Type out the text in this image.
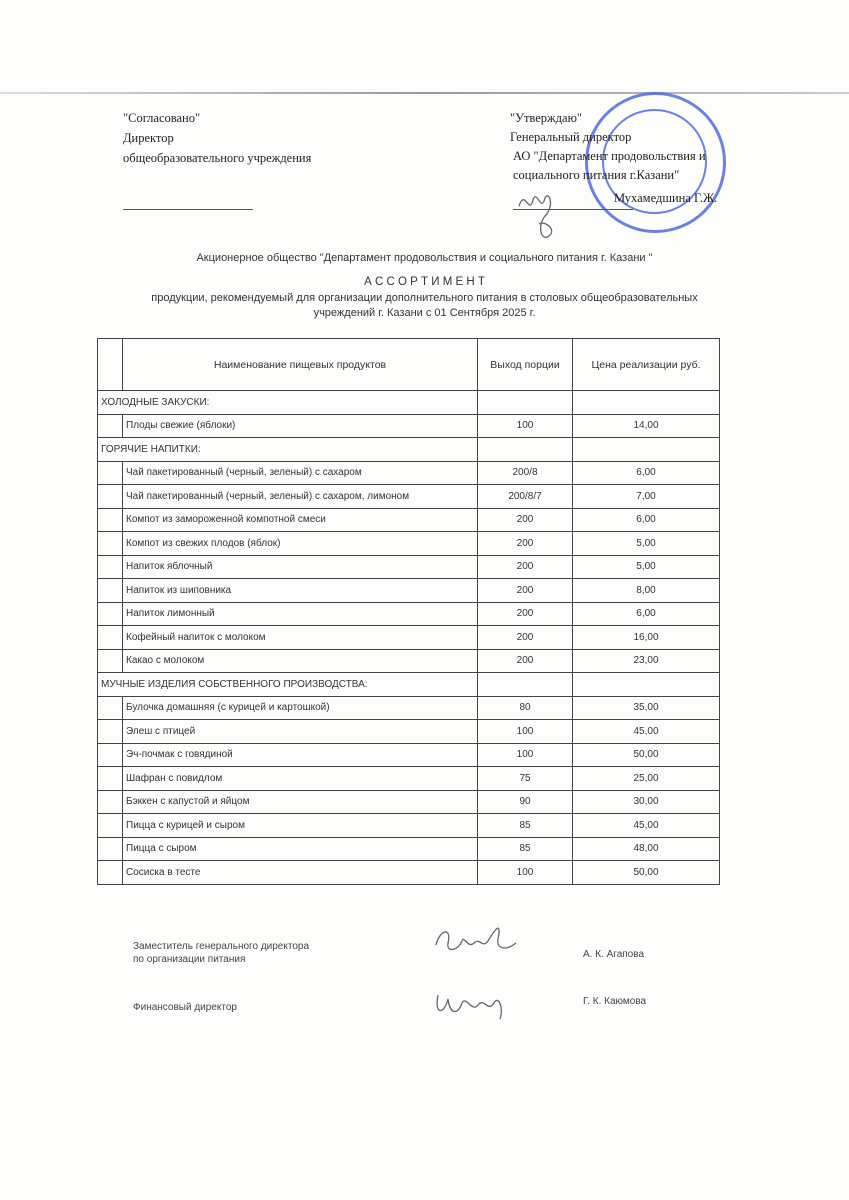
"Согласовано"
Директор
общеобразовательного учреждения
"Утверждаю"
Генеральный директор
АО "Департамент продовольствия и
социального питания г.Казани"
Мухамедшина Г.Ж.
Акционерное общество "Департамент продовольствия и социального питания г. Казани "
А С С О Р Т И М Е Н Т
продукции, рекомендуемый для организации дополнительного питания в столовых общеобразовательных
учреждений г. Казани с 01 Сентября 2025 г.
	Наименование пищевых продуктов	Выход порции	Цена реализации руб.
ХОЛОДНЫЕ ЗАКУСКИ:			
	Плоды свежие (яблоки)	100	14,00
ГОРЯЧИЕ НАПИТКИ:			
	Чай пакетированный (черный, зеленый) с сахаром	200/8	6,00
	Чай пакетированный (черный, зеленый) с сахаром, лимоном	200/8/7	7,00
	Компот из замороженной компотной смеси	200	6,00
	Компот из свежих плодов (яблок)	200	5,00
	Напиток яблочный	200	5,00
	Напиток из шиповника	200	8,00
	Напиток лимонный	200	6,00
	Кофейный напиток с молоком	200	16,00
	Какао с молоком	200	23,00
МУЧНЫЕ ИЗДЕЛИЯ СОБСТВЕННОГО ПРОИЗВОДСТВА:			
	Булочка домашняя (с курицей и картошкой)	80	35,00
	Элеш с птицей	100	45,00
	Эч-почмак с говядиной	100	50,00
	Шафран с повидлом	75	25,00
	Бэккен с капустой и яйцом	90	30,00
	Пицца с курицей и сыром	85	45,00
	Пицца с сыром	85	48,00
	Сосиска в тесте	100	50,00
Заместитель генерального директора
по организации питания	А. К. Агапова
Финансовый директор
Г. К. Каюмова
